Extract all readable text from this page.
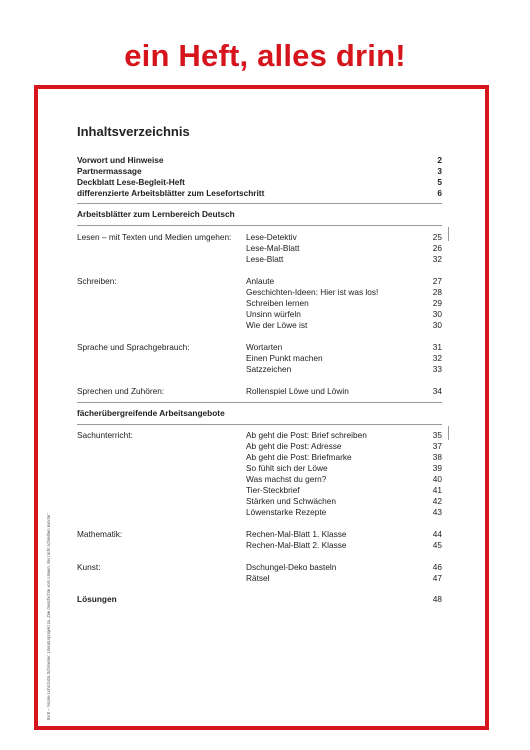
ein Heft, alles drin!
BVK – Nicole Lohr/Jutta Schmeiter: Literaturprojekt zu „Die Geschichte vom Löwen, der nicht schreiben konnte“
Inhaltsverzeichnis
Vorwort und Hinweise	2
Partnermassage	3
Deckblatt Lese-Begleit-Heft	5
differenzierte Arbeitsblätter zum Lesefortschritt	6
Arbeitsblätter zum Lernbereich Deutsch
Lesen – mit Texten und Medien umgehen: Lese-Detektiv	25
Lese-Mal-Blatt	26
Lese-Blatt	32
Schreiben:	Anlaute	27
Geschichten-Ideen: Hier ist was los!	28
Schreiben lernen	29
Unsinn würfeln	30
Wie der Löwe ist	30
Sprache und Sprachgebrauch:	Wortarten	31
Einen Punkt machen	32
Satzzeichen	33
Sprechen und Zuhören:	Rollenspiel Löwe und Löwin	34
fächerübergreifende Arbeitsangebote
Sachunterricht:	Ab geht die Post: Brief schreiben	35
Ab geht die Post: Adresse	37
Ab geht die Post: Briefmarke	38
So fühlt sich der Löwe	39
Was machst du gern?	40
Tier-Steckbrief	41
Stärken und Schwächen	42
Löwenstarke Rezepte	43
Mathematik:	Rechen-Mal-Blatt 1. Klasse	44
Rechen-Mal-Blatt 2. Klasse	45
Kunst:	Dschungel-Deko basteln	46
Rätsel	47
Lösungen	48
